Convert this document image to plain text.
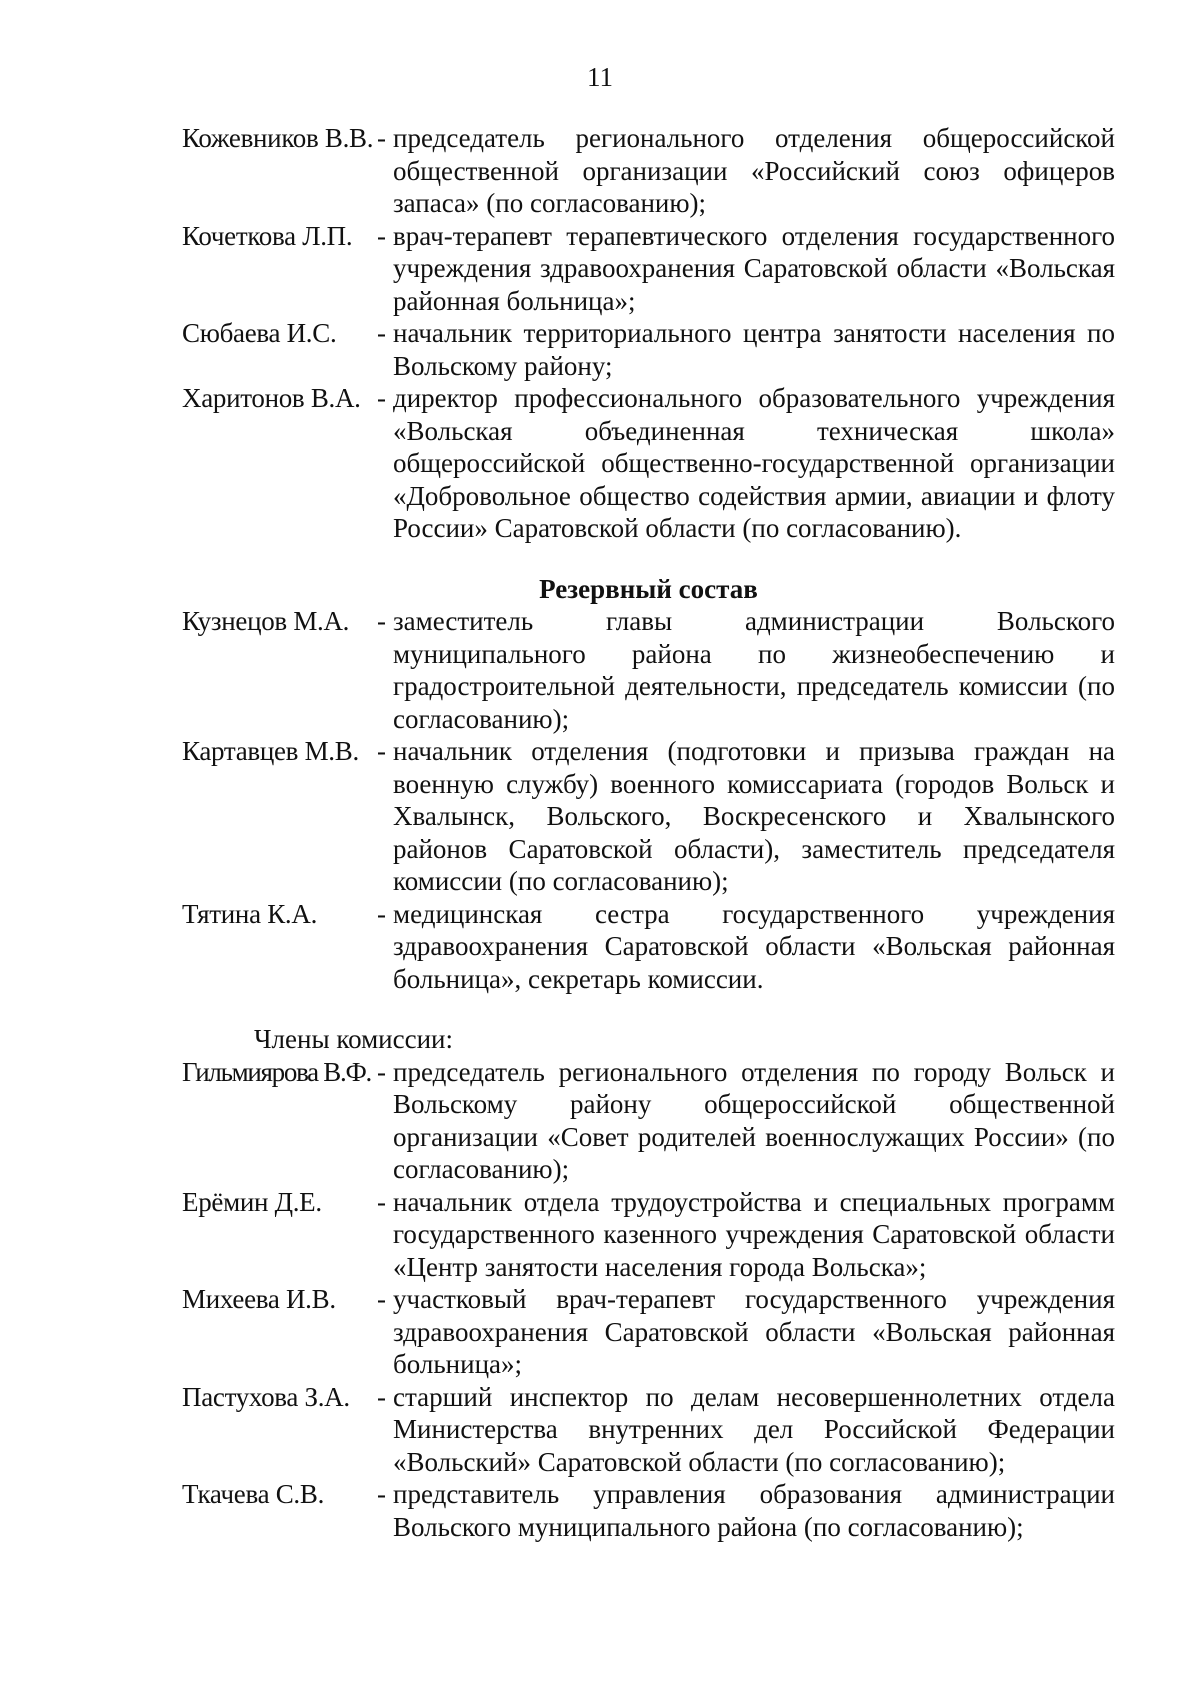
11
Кожевников В.В. - председатель регионального отделения общероссийской общественной организации «Российский союз офицеров запаса» (по согласованию);
Кочеткова Л.П. - врач-терапевт терапевтического отделения государственного учреждения здравоохранения Саратовской области «Вольская районная больница»;
Сюбаева И.С.	- начальник территориального центра занятости населения по Вольскому району;
Харитонов В.А. - директор профессионального образовательного учреждения «Вольская объединенная техническая школа» общероссийской общественно-государственной организации «Добровольное общество содействия армии, авиации и флоту России» Саратовской области (по согласованию).
Резервный состав
Кузнецов М.А.	- заместитель главы администрации Вольского муниципального района по жизнеобеспечению и градостроительной деятельности, председатель комиссии (по согласованию);
Картавцев М.В. - начальник отделения (подготовки и призыва граждан на военную службу) военного комиссариата (городов Вольск и Хвалынск, Вольского, Воскресенского и Хвалынского районов Саратовской области), заместитель председателя комиссии (по согласованию);
Тятина К.А.	- медицинская сестра государственного учреждения здравоохранения Саратовской области «Вольская районная больница», секретарь комиссии.
Члены комиссии:
Гильмиярова В.Ф. - председатель регионального отделения по городу Вольск и Вольскому району общероссийской общественной организации «Совет родителей военнослужащих России» (по согласованию);
Ерёмин Д.Е.	- начальник отдела трудоустройства и специальных программ государственного казенного учреждения Саратовской области «Центр занятости населения города Вольска»;
Михеева И.В.	- участковый врач-терапевт государственного учреждения здравоохранения Саратовской области «Вольская районная больница»;
Пастухова З.А.	- старший инспектор по делам несовершеннолетних отдела Министерства внутренних дел Российской Федерации «Вольский» Саратовской области (по согласованию);
Ткачева С.В.	- представитель управления образования администрации Вольского муниципального района (по согласованию);
